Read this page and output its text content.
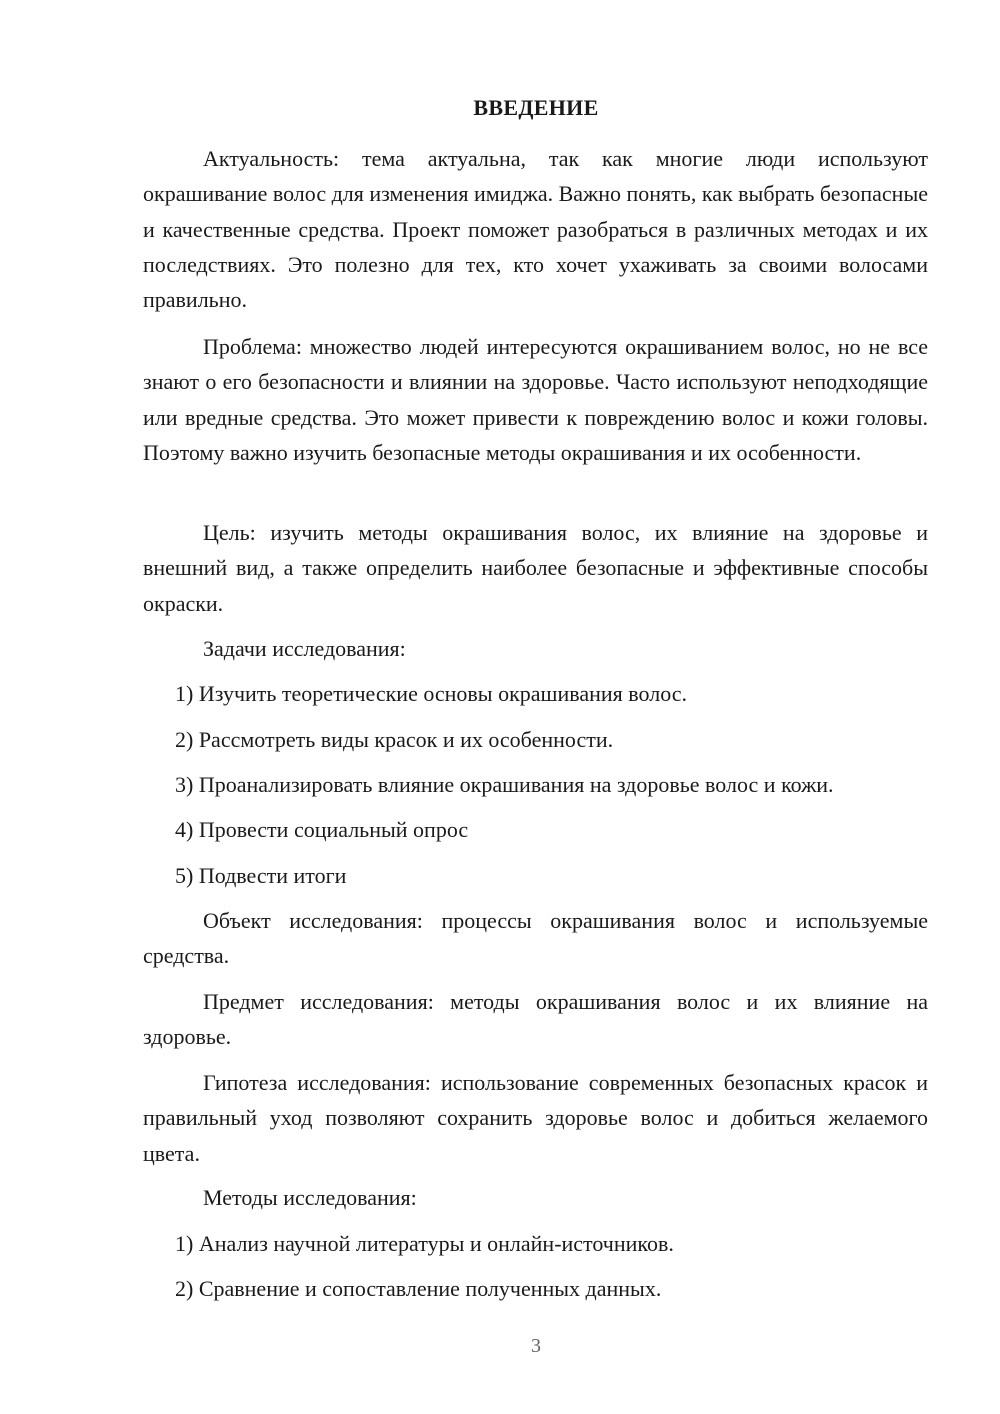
ВВЕДЕНИЕ

Актуальность: тема актуальна, так как многие люди используют окрашивание волос для изменения имиджа. Важно понять, как выбрать безопасные и качественные средства. Проект поможет разобраться в различных методах и их последствиях. Это полезно для тех, кто хочет ухаживать за своими волосами правильно.

Проблема: множество людей интересуются окрашиванием волос, но не все знают о его безопасности и влиянии на здоровье. Часто используют неподходящие или вредные средства. Это может привести к повреждению волос и кожи головы. Поэтому важно изучить безопасные методы окрашивания и их особенности.

Цель: изучить методы окрашивания волос, их влияние на здоровье и внешний вид, а также определить наиболее безопасные и эффективные способы окраски.

Задачи исследования:

1) Изучить теоретические основы окрашивания волос.

2) Рассмотреть виды красок и их особенности.

3) Проанализировать влияние окрашивания на здоровье волос и кожи.

4) Провести социальный опрос

5) Подвести итоги

Объект исследования: процессы окрашивания волос и используемые средства.

Предмет исследования: методы окрашивания волос и их влияние на здоровье.

Гипотеза исследования: использование современных безопасных красок и правильный уход позволяют сохранить здоровье волос и добиться желаемого цвета.

Методы исследования:

1) Анализ научной литературы и онлайн-источников.

2) Сравнение и сопоставление полученных данных.

3
